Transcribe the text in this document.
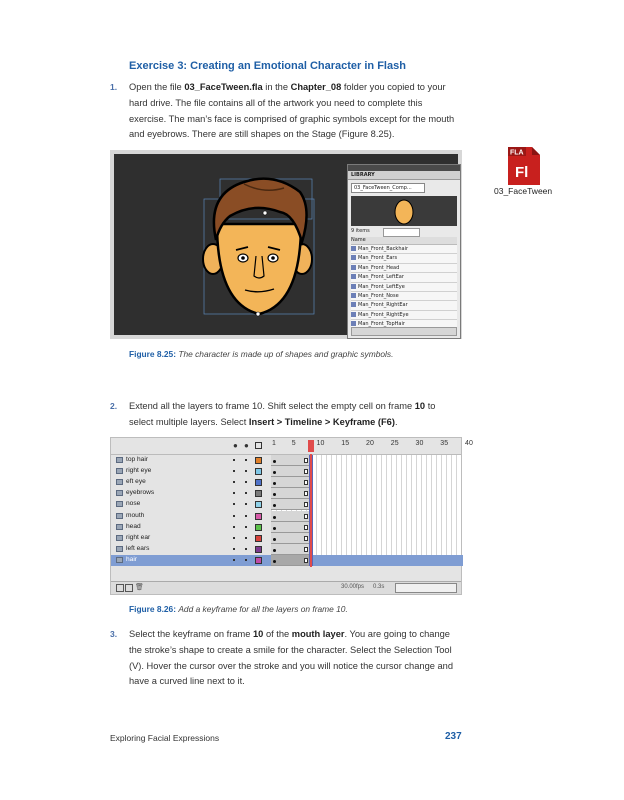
Exercise 3: Creating an Emotional Character in Flash
1. Open the file 03_FaceTween.fla in the Chapter_08 folder you copied to your hard drive. The file contains all of the artwork you need to complete this exercise. The man’s face is comprised of graphic symbols except for the mouth and eyebrows. There are still shapes on the Stage (Figure 8.25).
LIBRARY
03_FaceTween_Comp...
9 items
Name
Man_Front_Backhair
Man_Front_Ears
Man_Front_Head
Man_Front_LeftEar
Man_Front_LeftEye
Man_Front_Nose
Man_Front_RightEar
Man_Front_RightEye
Man_Front_TopHair
FLA
Fl
03_FaceTween
Figure 8.25: The character is made up of shapes and graphic symbols.
2. Extend all the layers to frame 10. Shift select the empty cell on frame 10 to select multiple layers. Select Insert > Timeline > Keyframe (F6).
● ●	1 5	10 15 20 25 30 35 40
top hair
right eye
eft eye
eyebrows
nose
mouth
head
right ear
left ears
hair
🗑	30.00fps 0.3s
Figure 8.26: Add a keyframe for all the layers on frame 10.
3. Select the keyframe on frame 10 of the mouth layer. You are going to change the stroke’s shape to create a smile for the character. Select the Selection Tool (V). Hover the cursor over the stroke and you will notice the cursor change and have a curved line next to it.
Exploring Facial Expressions	237
